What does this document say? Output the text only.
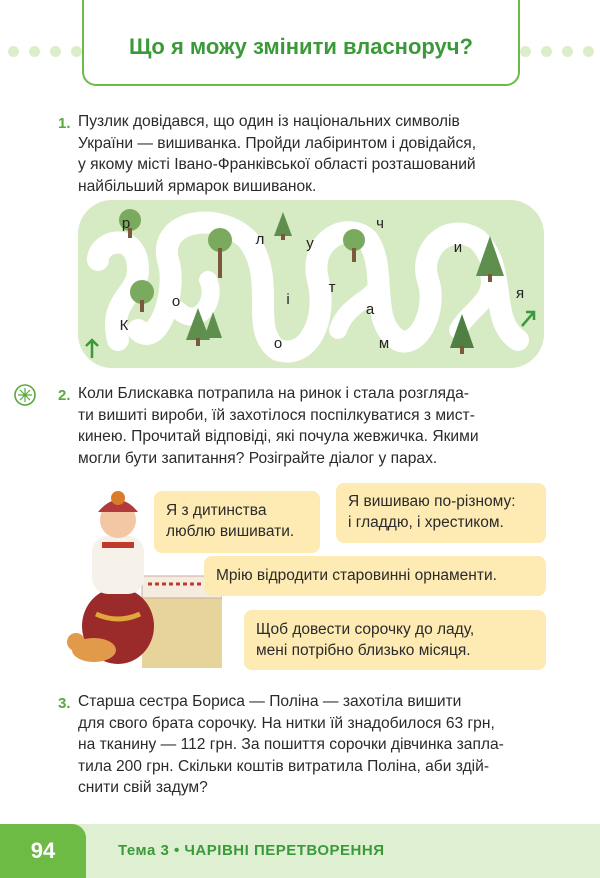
Що я можу змінити власноруч?
1. Пузлик довідався, що один із національних символів
України — вишиванка. Пройди лабіринтом і довідайся,
у якому місті Івано-Франківської області розташований
найбільший ярмарок вишиванок.
К
о
р
л
і
о
у
т
ч
а
м
и
я
2. Коли Блискавка потрапила на ринок і стала розгляда-
ти вишиті вироби, їй захотілося поспілкуватися з мист-
кинею. Прочитай відповіді, які почула жевжичка. Якими
могли бути запитання? Розіграйте діалог у парах.
Я з дитинства
люблю вишивати.
Я вишиваю по-різному:
і гладдю, і хрестиком.
Мрію відродити старовинні орнаменти.
Щоб довести сорочку до ладу,
мені потрібно близько місяця.
3. Старша сестра Бориса — Поліна — захотіла вишити
для свого брата сорочку. На нитки їй знадобилося 63 грн,
на тканину — 112 грн. За пошиття сорочки дівчинка запла-
тила 200 грн. Скільки коштів витратила Поліна, аби здій-
снити свій задум?
94	Тема 3 • ЧАРІВНІ ПЕРЕТВОРЕННЯ
